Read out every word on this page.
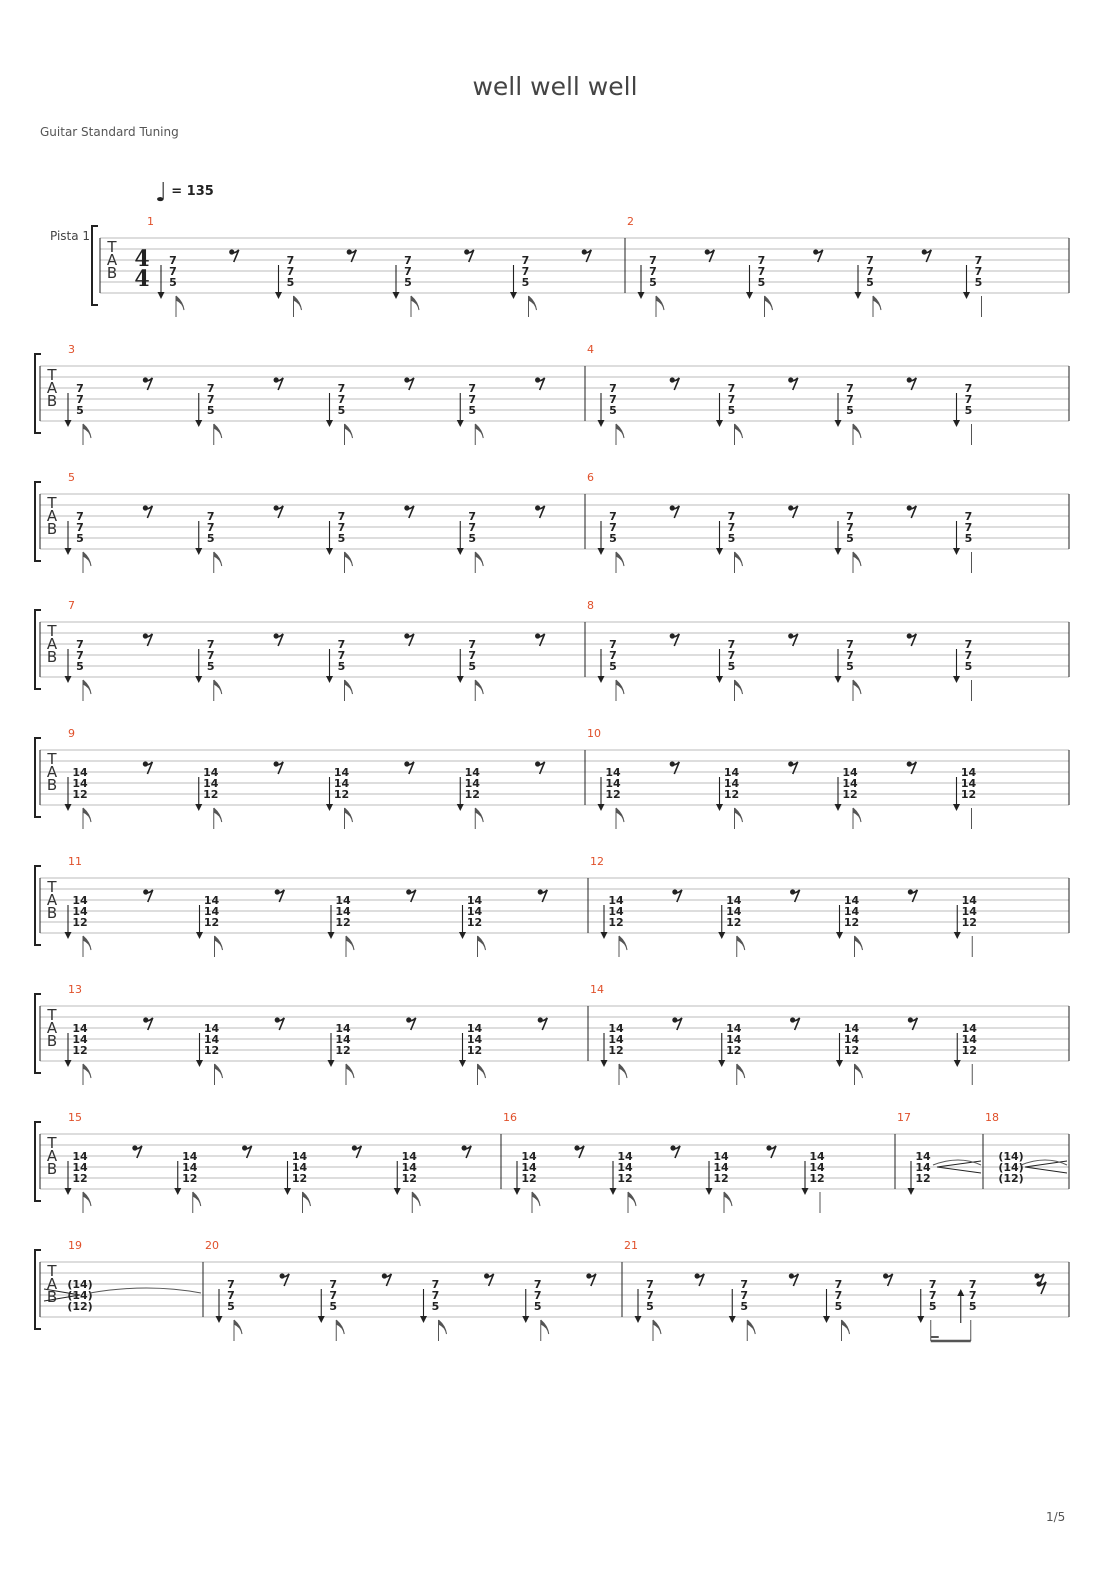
well well well
Guitar Standard Tuning
♩ = 135
Pista 1
1/5
T
A
B
4
4
1
7
7
5
7
7
5
7
7
5
7
7
5
2
7
7
5
7
7
5
7
7
5
7
7
5
T
A
B
3
7
7
5
7
7
5
7
7
5
7
7
5
4
7
7
5
7
7
5
7
7
5
7
7
5
T
A
B
5
7
7
5
7
7
5
7
7
5
7
7
5
6
7
7
5
7
7
5
7
7
5
7
7
5
T
A
B
7
7
7
5
7
7
5
7
7
5
7
7
5
8
7
7
5
7
7
5
7
7
5
7
7
5
T
A
B
9
14
14
12
14
14
12
14
14
12
14
14
12
10
14
14
12
14
14
12
14
14
12
14
14
12
T
A
B
11
14
14
12
14
14
12
14
14
12
14
14
12
12
14
14
12
14
14
12
14
14
12
14
14
12
T
A
B
13
14
14
12
14
14
12
14
14
12
14
14
12
14
14
14
12
14
14
12
14
14
12
14
14
12
T
A
B
15
14
14
12
14
14
12
14
14
12
14
14
12
16
14
14
12
14
14
12
14
14
12
14
14
12
17
14
14
12
18
(14)
(14)
(12)
T
A
B
19
(14)
(14)
(12)
20
7
7
5
7
7
5
7
7
5
7
7
5
21
7
7
5
7
7
5
7
7
5
7
7
5
7
7
5
